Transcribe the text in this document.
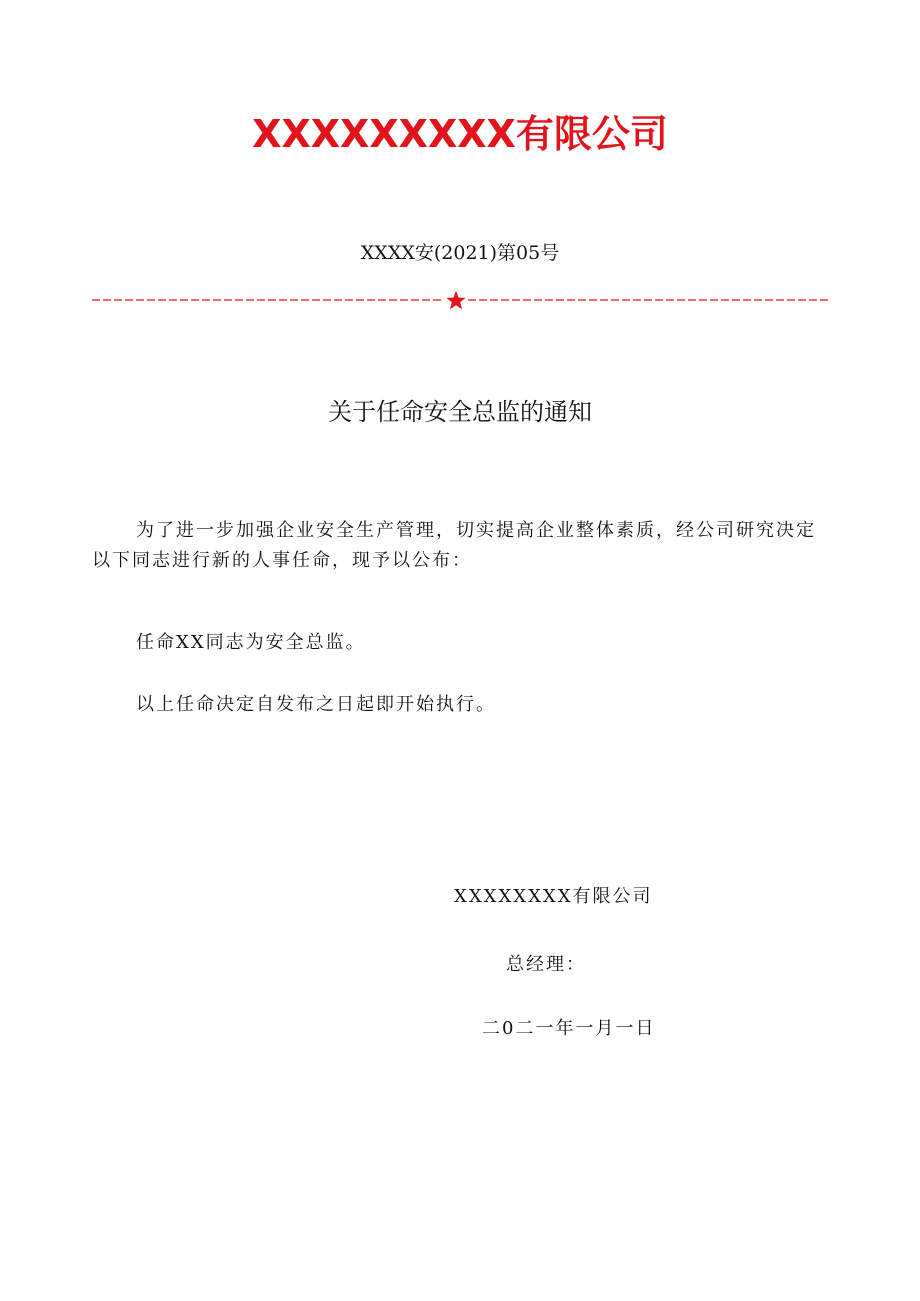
XXXXXXXXX有限公司
XXXX安(2021)第05号
关于任命安全总监的通知
为了进一步加强企业安全生产管理，切实提高企业整体素质，经公司研究决定以下同志进行新的人事任命，现予以公布：
任命XX同志为安全总监。
以上任命决定自发布之日起即开始执行。
XXXXXXXX有限公司
总经理：
二0二一年一月一日
